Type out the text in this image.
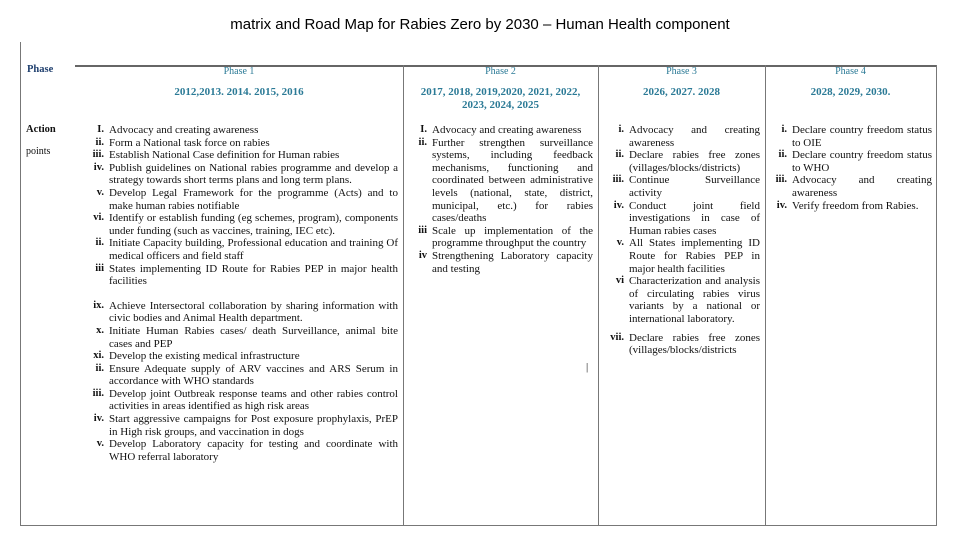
matrix and Road Map for Rabies Zero by 2030 – Human Health component
Phase
Action
points
Phase 1
2012,2013. 2014. 2015, 2016
Phase 2
2017, 2018, 2019,2020, 2021, 2022, 2023, 2024, 2025
Phase 3
2026, 2027. 2028
Phase 4
2028, 2029, 2030.
I. Advocacy and creating awareness
ii. Form a National task force on rabies
iii. Establish National Case definition for Human rabies
iv. Publish guidelines on National rabies programme and develop a strategy towards short terms plans and long term plans.
v. Develop Legal Framework for the programme (Acts) and to make human rabies notifiable
vi. Identify or establish funding (eg schemes, program), components under funding (such as vaccines, training, IEC etc).
ii. Initiate Capacity building, Professional education and training Of medical officers and field staff
iii States implementing ID Route for Rabies PEP in major health facilities
ix. Achieve Intersectoral collaboration by sharing information with civic bodies and Animal Health department.
x. Initiate Human Rabies cases/ death Surveillance, animal bite cases and PEP
xi. Develop the existing medical infrastructure
ii. Ensure Adequate supply of ARV vaccines and ARS Serum in accordance with WHO standards
iii. Develop joint Outbreak response teams and other rabies control activities in areas identified as high risk areas
iv. Start aggressive campaigns for Post exposure prophylaxis, PrEP in High risk groups, and vaccination in dogs
v. Develop Laboratory capacity for testing and coordinate with WHO referral laboratory
I. Advocacy and creating awareness
ii. Further strengthen surveillance systems, including feedback mechanisms, functioning and coordinated between administrative levels (national, state, district, municipal, etc.) for rabies cases/deaths
iii Scale up implementation of the programme throughput the country
iv Strengthening Laboratory capacity and testing
i. Advocacy and creating awareness
ii. Declare rabies free zones (villages/blocks/districts)
iii. Continue Surveillance activity
iv. Conduct joint field investigations in case of Human rabies cases
v. All States implementing ID Route for Rabies PEP in major health facilities
vi Characterization and analysis of circulating rabies virus variants by a national or international laboratory.
vii. Declare rabies free zones (villages/blocks/districts
i. Declare country freedom status to OIE
ii. Declare country freedom status to WHO
iii. Advocacy and creating awareness
iv. Verify freedom from Rabies.
|
